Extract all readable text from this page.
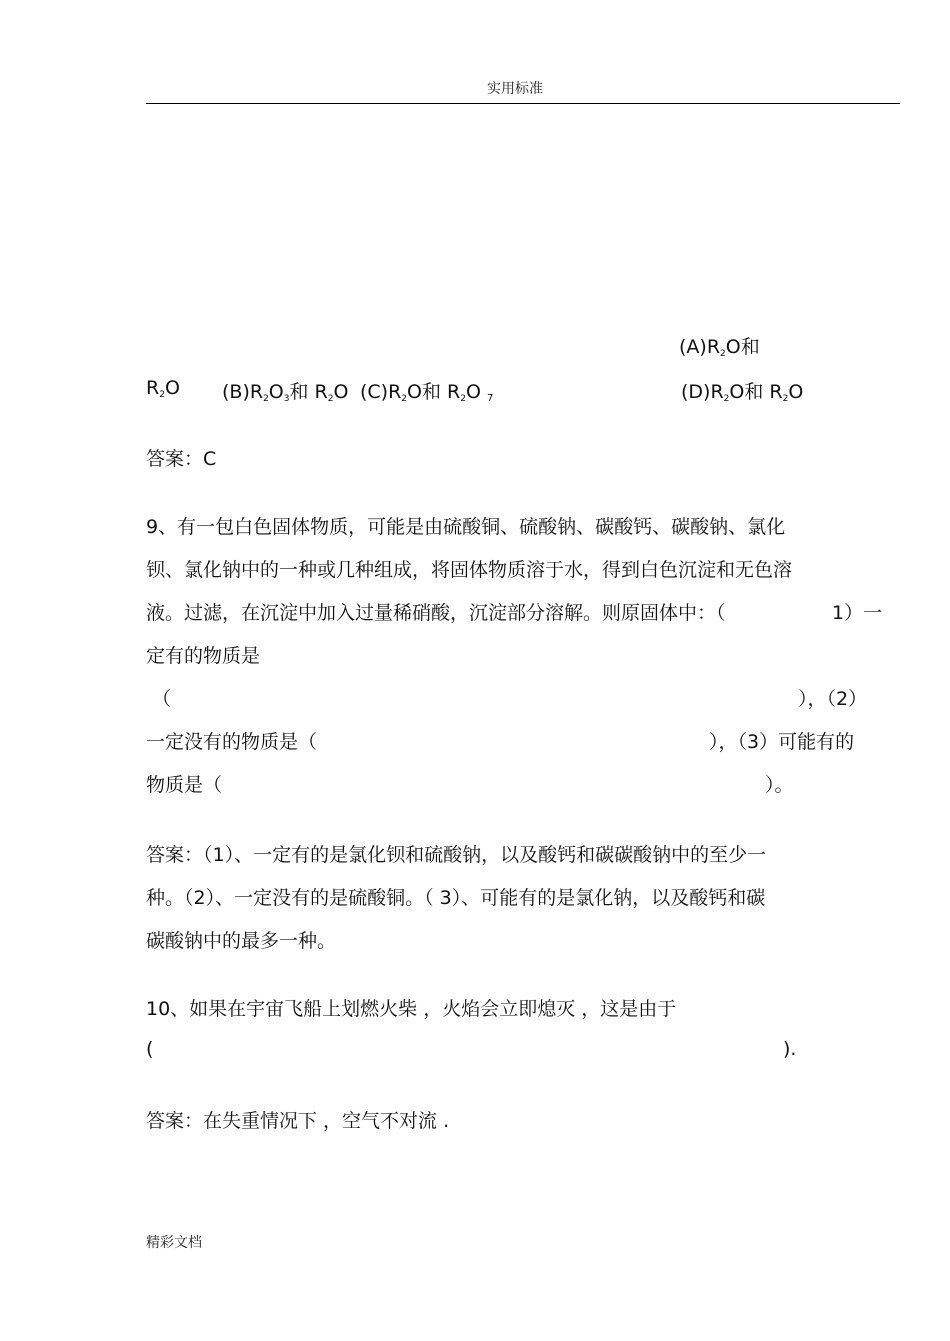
实用标准
(A)R2O和
R2O (B)R2O3和 R2O (C)R2O和 R2O 7	(D)R2O和 R2O
答案：C
9、有一包白色固体物质，可能是由硫酸铜、硫酸钠、碳酸钙、碳酸钠、氯化
钡、氯化钠中的一种或几种组成，将固体物质溶于水，得到白色沉淀和无色溶
液。过滤，在沉淀中加入过量稀硝酸，沉淀部分溶解。则原固体中：（	1）一
定有的物质是
（	），（2）
一定没有的物质是（	），（3）可能有的
物质是（	）。
答案：（1）、一定有的是氯化钡和硫酸钠，以及酸钙和碳碳酸钠中的至少一
种。（2）、一定没有的是硫酸铜。（ 3）、可能有的是氯化钠，以及酸钙和碳
碳酸钠中的最多一种。
10、如果在宇宙飞船上划燃火柴 ，火焰会立即熄灭 ，这是由于
(	).
答案：在失重情况下 ，空气不对流 .
精彩文档
